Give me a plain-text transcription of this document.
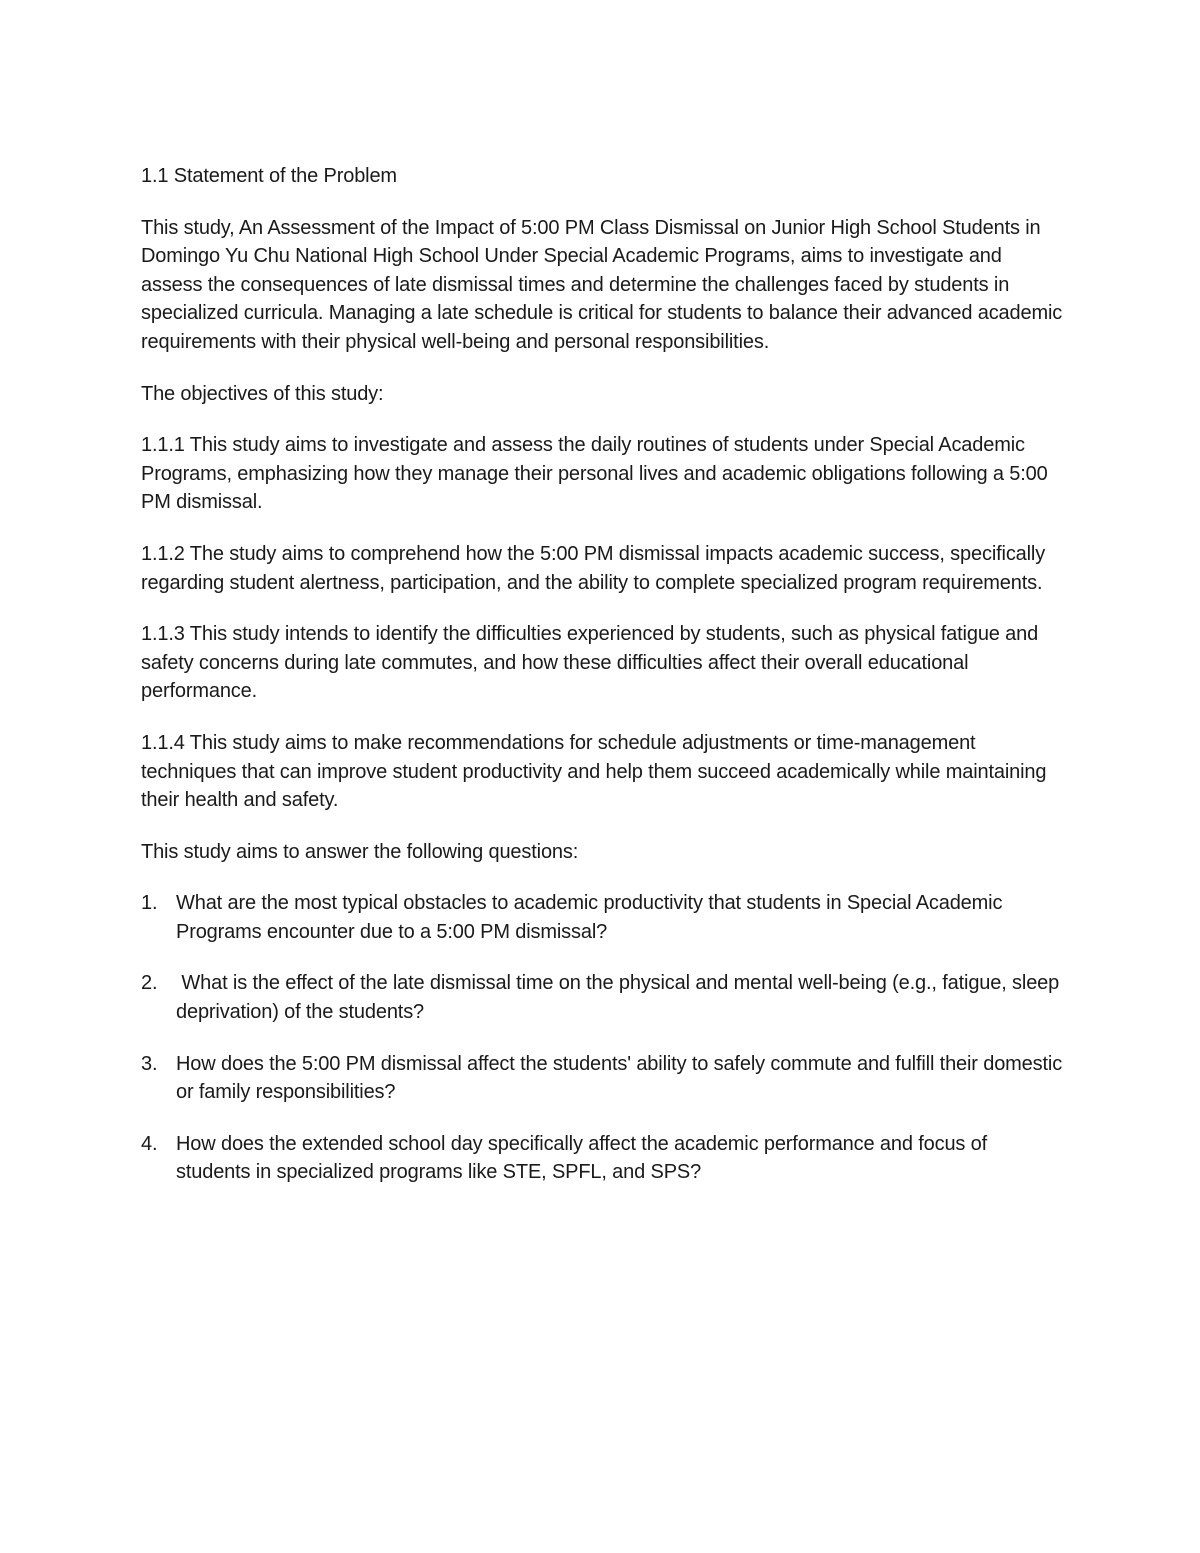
1.1 Statement of the Problem

This study, An Assessment of the Impact of 5:00 PM Class Dismissal on Junior High School Students in Domingo Yu Chu National High School Under Special Academic Programs, aims to investigate and assess the consequences of late dismissal times and determine the challenges faced by students in specialized curricula. Managing a late schedule is critical for students to balance their advanced academic requirements with their physical well-being and personal responsibilities.

The objectives of this study:

1.1.1 This study aims to investigate and assess the daily routines of students under Special Academic Programs, emphasizing how they manage their personal lives and academic obligations following a 5:00 PM dismissal.

1.1.2 The study aims to comprehend how the 5:00 PM dismissal impacts academic success, specifically regarding student alertness, participation, and the ability to complete specialized program requirements.

1.1.3 This study intends to identify the difficulties experienced by students, such as physical fatigue and safety concerns during late commutes, and how these difficulties affect their overall educational performance.

1.1.4 This study aims to make recommendations for schedule adjustments or time-management techniques that can improve student productivity and help them succeed academically while maintaining their health and safety.

This study aims to answer the following questions:

1. What are the most typical obstacles to academic productivity that students in Special Academic Programs encounter due to a 5:00 PM dismissal?
2. What is the effect of the late dismissal time on the physical and mental well-being (e.g., fatigue, sleep deprivation) of the students?
3. How does the 5:00 PM dismissal affect the students' ability to safely commute and fulfill their domestic or family responsibilities?
4. How does the extended school day specifically affect the academic performance and focus of students in specialized programs like STE, SPFL, and SPS?
